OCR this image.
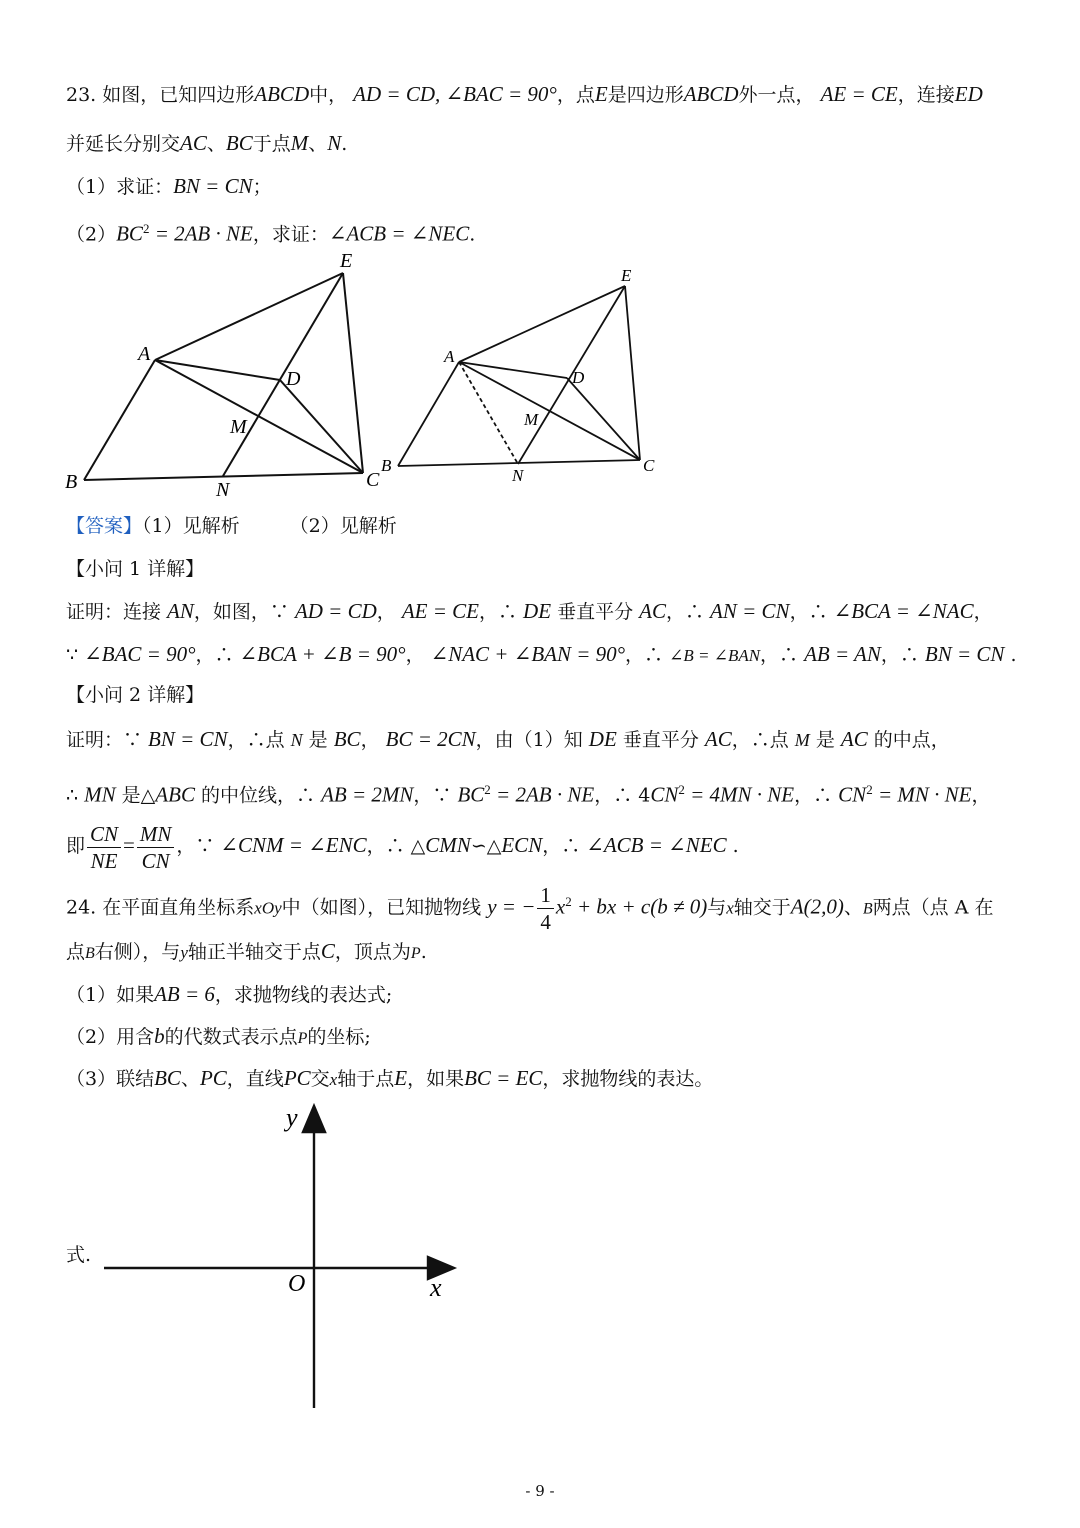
23. 如图，已知四边形ABCD中， AD = CD, ∠BAC = 90°，点E是四边形ABCD外一点， AE = CE，连接ED
并延长分别交AC、BC于点M、N.
（1）求证：BN = CN；
$(2)BC^2 = 2AB$ · NE，求证：∠ACB = ∠NEC.
E
A
D
M
B	N	C
E
A
D
M
B
N
C
【答案】（1）见解析	（2）见解析
【小问 1 详解】
证明：连接 AN，如图，∵ AD = CD， AE = CE，∴ DE 垂直平分 AC，∴ AN = CN，∴ ∠BCA = ∠NAC，
∵ ∠BAC = 90°，∴ ∠BCA + ∠B = 90°， ∠NAC + ∠BAN = 90°，∴ ∠B = ∠BAN，∴ AB = AN，∴ BN = CN .
【小问 2 详解】
证明：∵ BN = CN，∴点 N 是 BC， BC = 2CN，由（1）知 DE 垂直平分 AC，∴点 M 是 AC 的中点，
∴ MN 是△ABC 的中位线，∴ AB = 2MN，∵ $BC^2 = 2AB$ · NE，∴ $4CN^2 = 4MN$ · NE，∴ $CN^2$ = MN · NE，
即 $\frac{CN}{NE} = \frac{MN}{CN}$ ，∵ ∠CNM = ∠ENC，∴ △CMN∽△ECN，∴ ∠ACB = ∠NEC .
24. 在平面直角坐标系xOy中（如图），已知抛物线 y = − $\frac{1}{4} x^2$ + bx + c(b ≠ 0)与x轴交于A(2,0)、B两点（点 A 在
点B右侧），与y轴正半轴交于点C，顶点为P.
（1）如果AB = 6，求抛物线的表达式;
（2）用含b的代数式表示点P的坐标;
（3）联结BC、PC，直线PC交x轴于点E，如果BC = EC，求抛物线的表达。
式.
y
x
O
- 9 -
